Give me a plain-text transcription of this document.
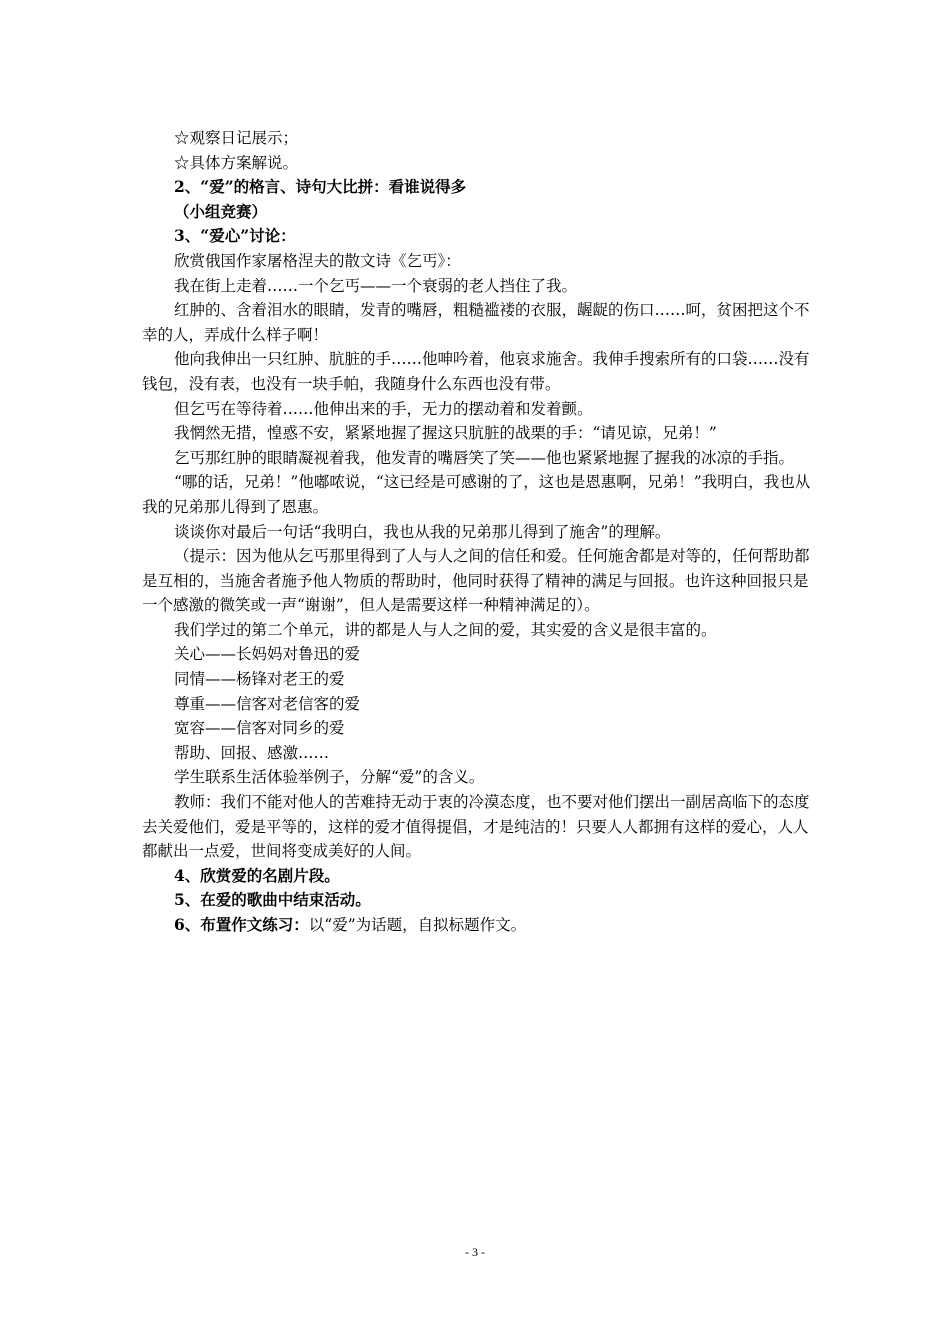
☆观察日记展示；
☆具体方案解说。
2、“爱”的格言、诗句大比拼：看谁说得多
（小组竞赛）
3、“爱心”讨论：
欣赏俄国作家屠格涅夫的散文诗《乞丐》：
我在街上走着……一个乞丐——一个衰弱的老人挡住了我。
红肿的、含着泪水的眼睛，发青的嘴唇，粗糙褴褛的衣服，龌龊的伤口……呵，贫困把这个不幸的人，弄成什么样子啊！
他向我伸出一只红肿、肮脏的手……他呻吟着，他哀求施舍。我伸手搜索所有的口袋……没有钱包，没有表，也没有一块手帕，我随身什么东西也没有带。
但乞丐在等待着……他伸出来的手，无力的摆动着和发着颤。
我惘然无措，惶惑不安，紧紧地握了握这只肮脏的战栗的手：“请见谅，兄弟！”
乞丐那红肿的眼睛凝视着我，他发青的嘴唇笑了笑——他也紧紧地握了握我的冰凉的手指。
“哪的话，兄弟！”他嘟哝说，“这已经是可感谢的了，这也是恩惠啊，兄弟！”我明白，我也从我的兄弟那儿得到了恩惠。
谈谈你对最后一句话“我明白，我也从我的兄弟那儿得到了施舍”的理解。
（提示：因为他从乞丐那里得到了人与人之间的信任和爱。任何施舍都是对等的，任何帮助都是互相的，当施舍者施予他人物质的帮助时，他同时获得了精神的满足与回报。也许这种回报只是一个感激的微笑或一声“谢谢”，但人是需要这样一种精神满足的）。
我们学过的第二个单元，讲的都是人与人之间的爱，其实爱的含义是很丰富的。
关心——长妈妈对鲁迅的爱
同情——杨锋对老王的爱
尊重——信客对老信客的爱
宽容——信客对同乡的爱
帮助、回报、感激……
学生联系生活体验举例子，分解“爱”的含义。
教师：我们不能对他人的苦难持无动于衷的冷漠态度，也不要对他们摆出一副居高临下的态度去关爱他们，爱是平等的，这样的爱才值得提倡，才是纯洁的！只要人人都拥有这样的爱心，人人都献出一点爱，世间将变成美好的人间。
4、欣赏爱的名剧片段。
5、在爱的歌曲中结束活动。
6、布置作文练习：以“爱”为话题，自拟标题作文。
- 3 -
